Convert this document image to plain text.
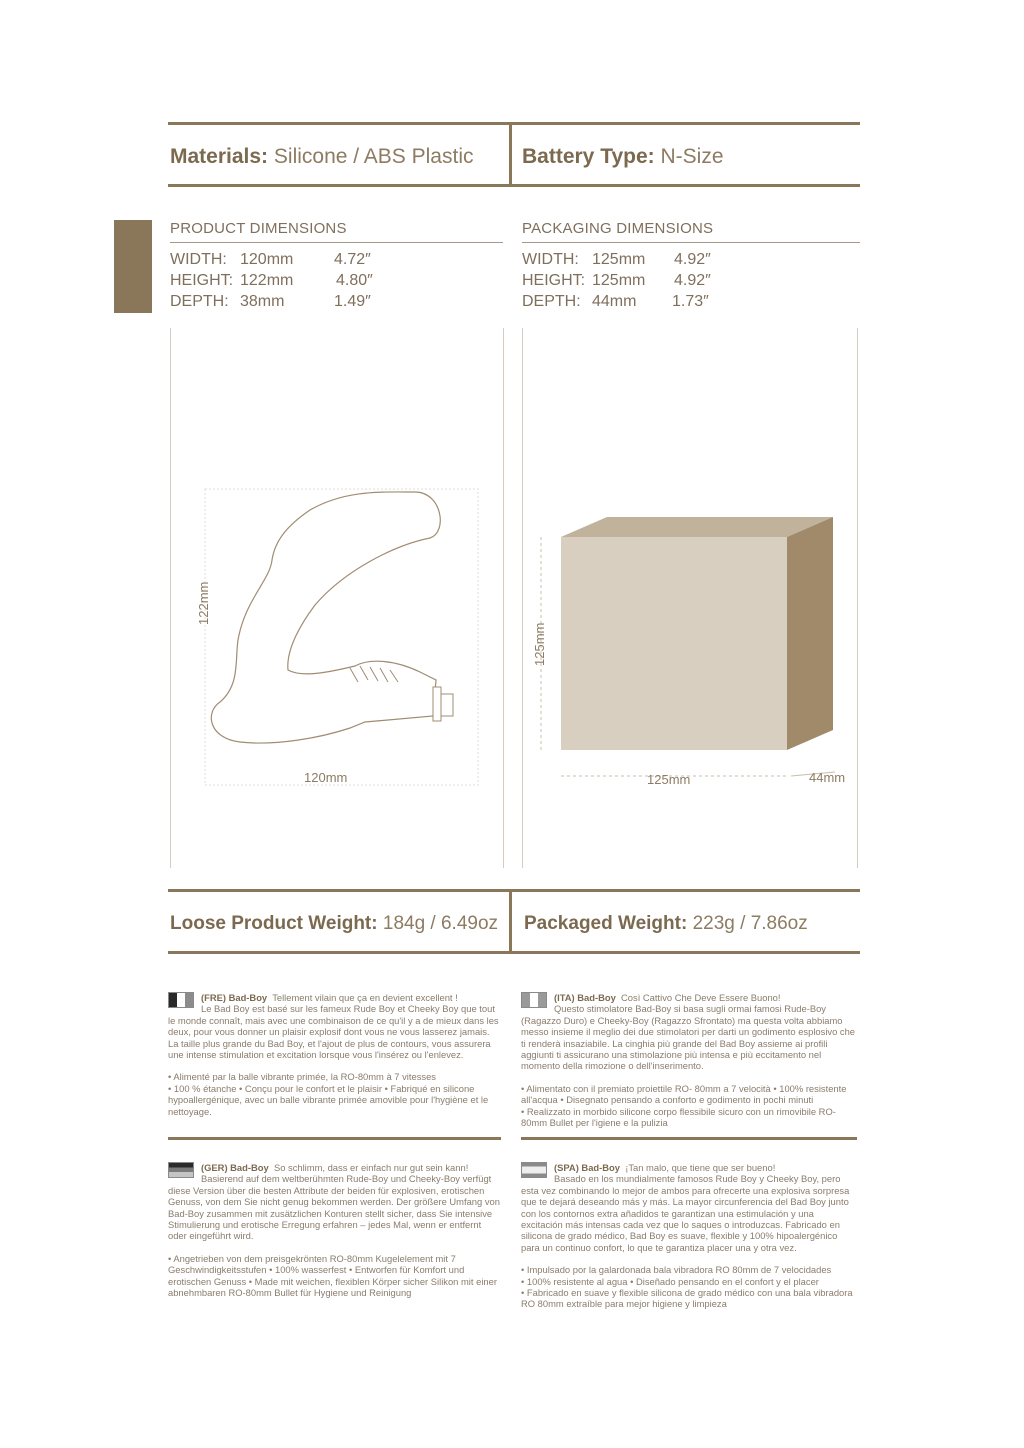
Materials: Silicone / ABS Plastic Battery Type: N-Size
PRODUCT DIMENSIONS
WIDTH: 120mm	4.72″
HEIGHT: 122mm	4.80″
DEPTH: 38mm	1.49″
PACKAGING DIMENSIONS
WIDTH: 125mm 4.92″
HEIGHT: 125mm 4.92″
DEPTH: 44mm 1.73″
122mm
120mm
125mm
125mm	44mm
Loose Product Weight: 184g / 6.49oz Packaged Weight: 223g / 7.86oz

(FRE) Bad-Boy Tellement vilain que ça en devient excellent !

Le Bad Boy est basé sur les fameux Rude Boy et Cheeky Boy que tout le monde connaît, mais avec une combinaison de ce qu'il y a de mieux dans les deux, pour vous donner un plaisir explosif dont vous ne vous lasserez jamais. La taille plus grande du Bad Boy, et l'ajout de plus de contours, vous assurera une intense stimulation et excitation lorsque vous l'insérez ou l'enlevez.

• Alimenté par la balle vibrante primée, la RO-80mm à 7 vitesses

• 100 % étanche • Conçu pour le confort et le plaisir • Fabriqué en silicone hypoallergénique, avec un balle vibrante primée amovible pour l'hygiène et le nettoyage.

(ITA) Bad-Boy Così Cattivo Che Deve Essere Buono!

Questo stimolatore Bad-Boy si basa sugli ormai famosi Rude-Boy (Ragazzo Duro) e Cheeky-Boy (Ragazzo Sfrontato) ma questa volta abbiamo messo insieme il meglio dei due stimolatori per darti un godimento esplosivo che ti renderà insaziabile. La cinghia più grande del Bad Boy assieme ai profili aggiunti ti assicurano una stimolazione più intensa e più eccitamento nel momento della rimozione o dell'inserimento.

• Alimentato con il premiato proiettile RO- 80mm a 7 velocità • 100% resistente all'acqua • Disegnato pensando a conforto e godimento in pochi minuti

• Realizzato in morbido silicone corpo flessibile sicuro con un rimovibile RO-80mm Bullet per l'igiene e la pulizia

(GER) Bad-Boy So schlimm, dass er einfach nur gut sein kann!

Basierend auf dem weltberühmten Rude-Boy und Cheeky-Boy verfügt diese Version über die besten Attribute der beiden für explosiven, erotischen Genuss, von dem Sie nicht genug bekommen werden. Der größere Umfang von Bad-Boy zusammen mit zusätzlichen Konturen stellt sicher, dass Sie intensive Stimulierung und erotische Erregung erfahren – jedes Mal, wenn er entfernt oder eingeführt wird.

• Angetrieben von dem preisgekrönten RO-80mm Kugelelement mit 7 Geschwindigkeitsstufen • 100% wasserfest • Entworfen für Komfort und erotischen Genuss • Made mit weichen, flexiblen Körper sicher Silikon mit einer abnehmbaren RO-80mm Bullet für Hygiene und Reinigung

(SPA) Bad-Boy ¡Tan malo, que tiene que ser bueno!

Basado en los mundialmente famosos Rude Boy y Cheeky Boy, pero esta vez combinando lo mejor de ambos para ofrecerte una explosiva sorpresa que te dejará deseando más y más. La mayor circunferencia del Bad Boy junto con los contornos extra añadidos te garantizan una estimulación y una excitación más intensas cada vez que lo saques o introduzcas. Fabricado en silicona de grado médico, Bad Boy es suave, flexible y 100% hipoalergénico para un continuo confort, lo que te garantiza placer una y otra vez.

• Impulsado por la galardonada bala vibradora RO 80mm de 7 velocidades

• 100% resistente al agua • Diseñado pensando en el confort y el placer

• Fabricado en suave y flexible silicona de grado médico con una bala vibradora RO 80mm extraíble para mejor higiene y limpieza
